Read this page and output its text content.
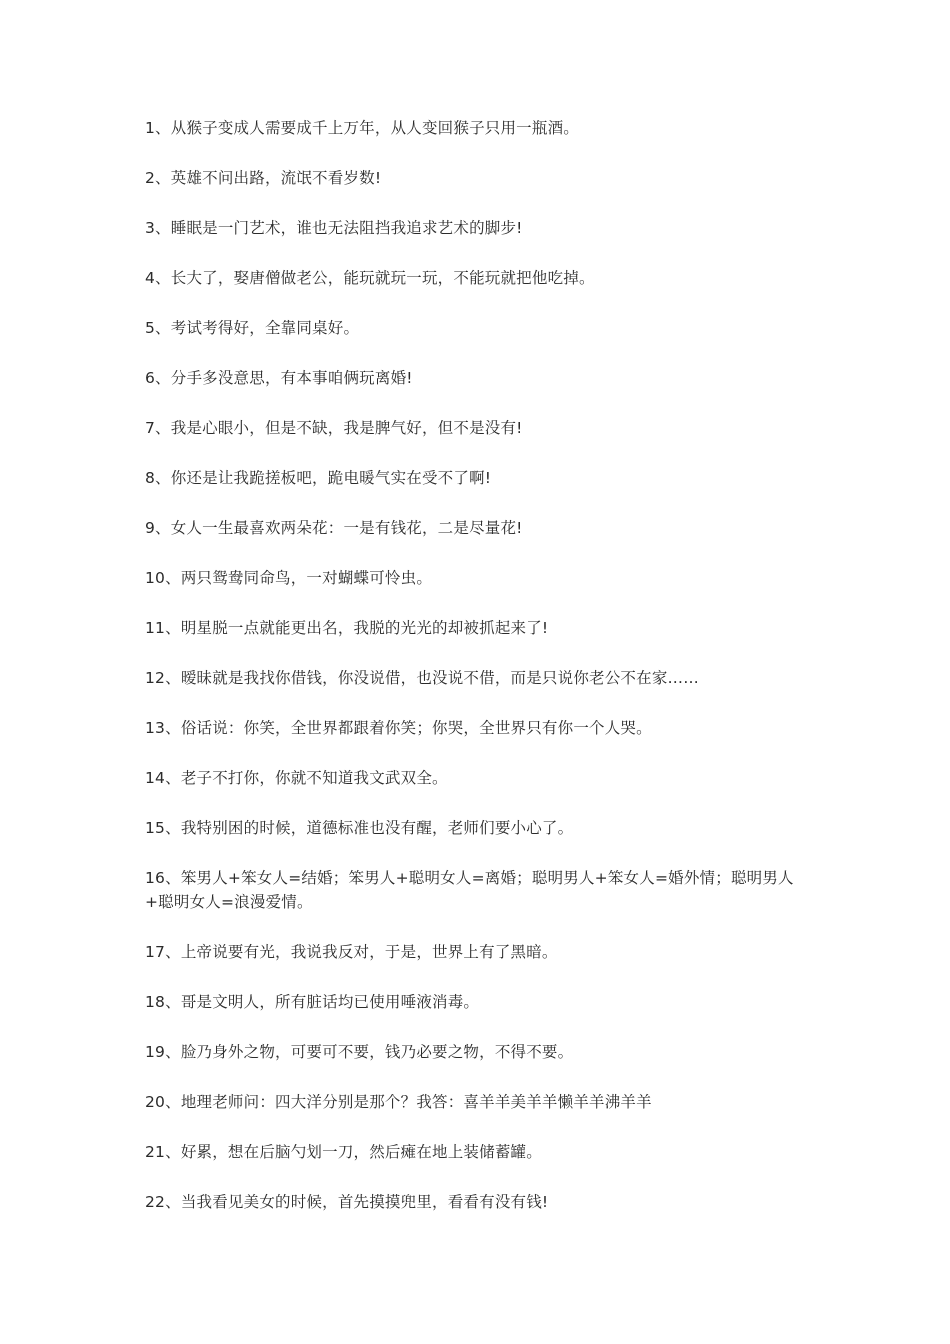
1、从猴子变成人需要成千上万年，从人变回猴子只用一瓶酒。
2、英雄不问出路，流氓不看岁数!
3、睡眠是一门艺术，谁也无法阻挡我追求艺术的脚步!
4、长大了，娶唐僧做老公，能玩就玩一玩，不能玩就把他吃掉。
5、考试考得好，全靠同桌好。
6、分手多没意思，有本事咱俩玩离婚!
7、我是心眼小，但是不缺，我是脾气好，但不是没有!
8、你还是让我跪搓板吧，跪电暖气实在受不了啊!
9、女人一生最喜欢两朵花：一是有钱花，二是尽量花!
10、两只鸳鸯同命鸟，一对蝴蝶可怜虫。
11、明星脱一点就能更出名，我脱的光光的却被抓起来了!
12、暧昧就是我找你借钱，你没说借，也没说不借，而是只说你老公不在家……
13、俗话说：你笑，全世界都跟着你笑；你哭，全世界只有你一个人哭。
14、老子不打你，你就不知道我文武双全。
15、我特别困的时候，道德标准也没有醒，老师们要小心了。
16、笨男人+笨女人=结婚；笨男人+聪明女人=离婚；聪明男人+笨女人=婚外情；聪明男人+聪明女人=浪漫爱情。
17、上帝说要有光，我说我反对，于是，世界上有了黑暗。
18、哥是文明人，所有脏话均已使用唾液消毒。
19、脸乃身外之物，可要可不要，钱乃必要之物，不得不要。
20、地理老师问：四大洋分别是那个？我答：喜羊羊美羊羊懒羊羊沸羊羊
21、好累，想在后脑勺划一刀，然后瘫在地上装储蓄罐。
22、当我看见美女的时候，首先摸摸兜里，看看有没有钱!
